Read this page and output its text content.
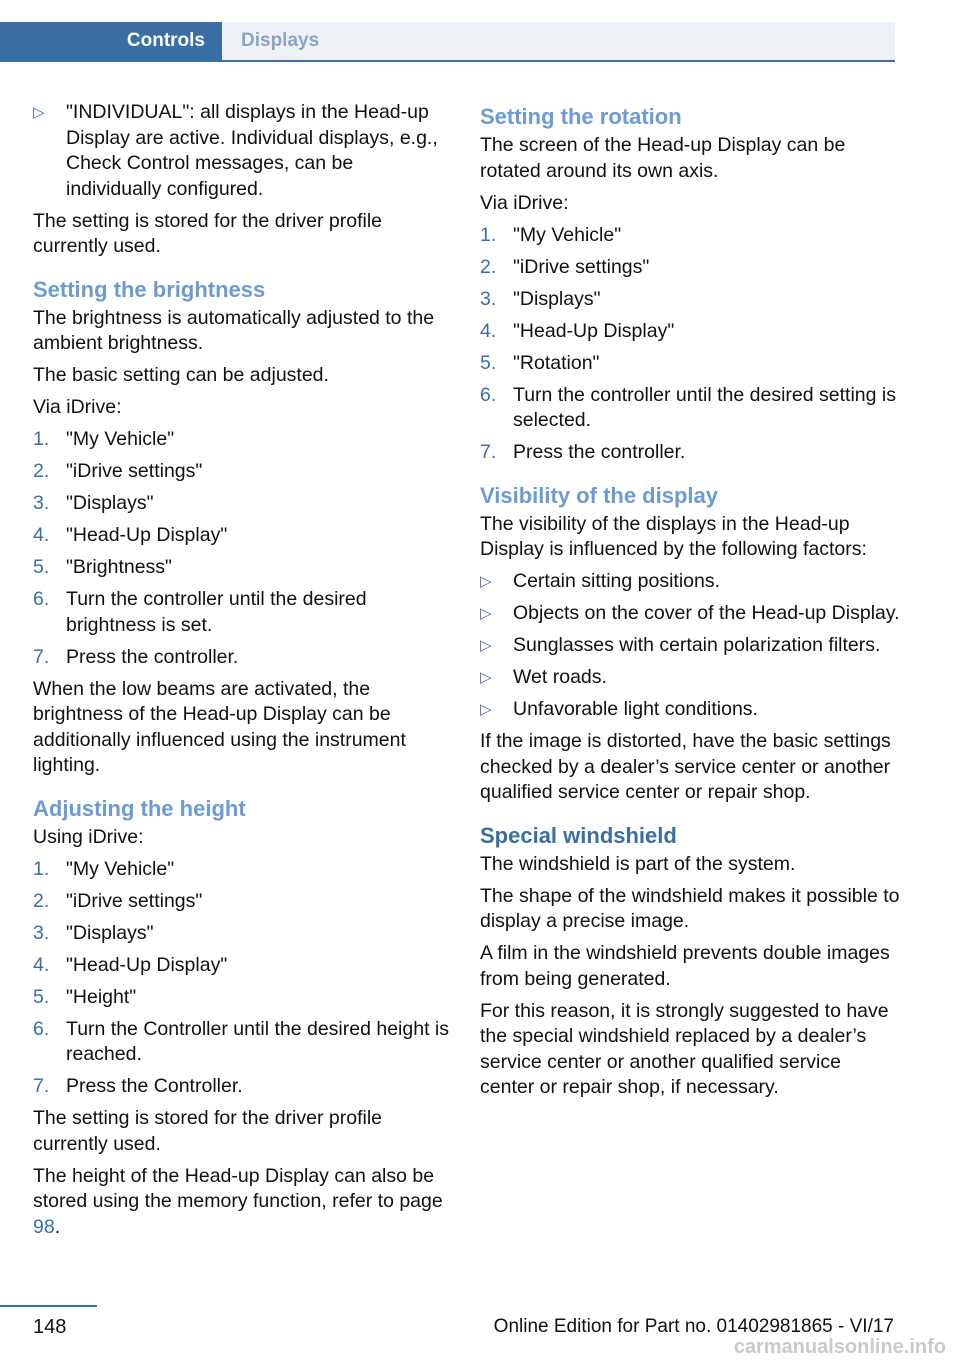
Controls Displays
▷ "INDIVIDUAL": all displays in the Head-up Display are active. Individual displays, e.g., Check Control messages, can be individually configured.

The setting is stored for the driver profile currently used.

Setting the brightness

The brightness is automatically adjusted to the ambient brightness.

The basic setting can be adjusted.

Via iDrive:

1. "My Vehicle"
2. "iDrive settings"
3. "Displays"
4. "Head-Up Display"
5. "Brightness"
6. Turn the controller until the desired brightness is set.
7. Press the controller.

When the low beams are activated, the brightness of the Head-up Display can be additionally influenced using the instrument lighting.

Adjusting the height

Using iDrive:

1. "My Vehicle"
2. "iDrive settings"
3. "Displays"
4. "Head-Up Display"
5. "Height"
6. Turn the Controller until the desired height is reached.
7. Press the Controller.

The setting is stored for the driver profile currently used.

The height of the Head-up Display can also be stored using the memory function, refer to page 98.

Setting the rotation

The screen of the Head-up Display can be rotated around its own axis.

Via iDrive:

1. "My Vehicle"
2. "iDrive settings"
3. "Displays"
4. "Head-Up Display"
5. "Rotation"
6. Turn the controller until the desired setting is selected.
7. Press the controller.
Visibility of the display

The visibility of the displays in the Head-up Display is influenced by the following factors:

▷ Certain sitting positions.
▷ Objects on the cover of the Head-up Display.
▷ Sunglasses with certain polarization filters.
▷ Wet roads.
▷ Unfavorable light conditions.

If the image is distorted, have the basic settings checked by a dealer’s service center or another qualified service center or repair shop.

Special windshield

The windshield is part of the system.

The shape of the windshield makes it possible to display a precise image.

A film in the windshield prevents double images from being generated.

For this reason, it is strongly suggested to have the special windshield replaced by a dealer’s service center or another qualified service center or repair shop, if necessary.

148	Online Edition for Part no. 01402981865 - VI/17
carmanualsonline.info
